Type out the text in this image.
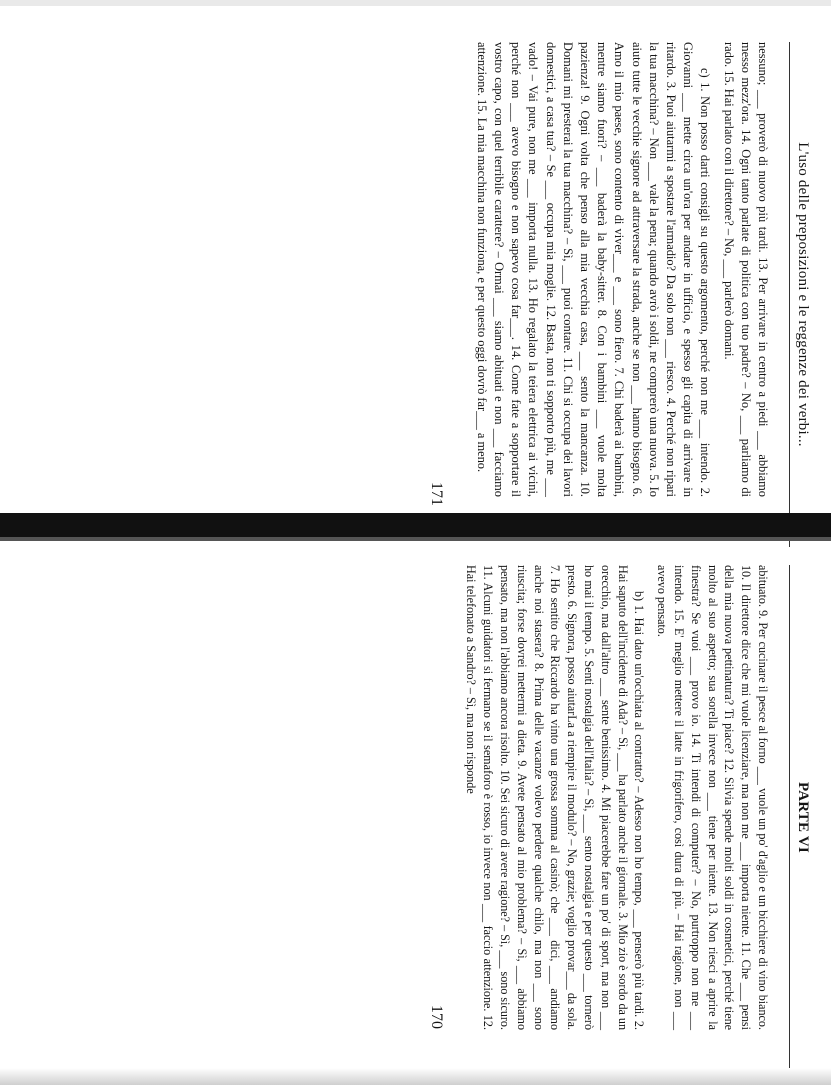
L'uso delle preposizioni e le reggenze dei verbi...

nessuno; ___ proverò di nuovo più tardi. 13. Per arrivare in centro a piedi ___ abbiamo messo mezz'ora. 14. Ogni tanto parlate di politica con tuo padre? – No, ___ parliamo di rado. 15. Hai parlato con il direttore? – No, ___ parlerò domani.

c) 1. Non posso darti consigli su questo argomento, perché non me ___ intendo. 2. Giovanni ___ mette circa un'ora per andare in ufficio, e spesso gli capita di arrivare in ritardo. 3. Puoi aiutarmi a spostare l'armadio? Da solo non ___ riesco. 4. Perché non ripari la tua macchina? – Non ___ vale la pena; quando avrò i soldi, ne comprerò una nuova. 5. Io aiuto tutte le vecchie signore ad attraversare la strada, anche se non ___ hanno bisogno. 6. Amo il mio paese, sono contento di viver___ e ___ sono fiero. 7. Chi baderà ai bambini, mentre siamo fuori? – ___ baderà la baby-sitter. 8. Con i bambini ___ vuole molta pazienza! 9. Ogni volta che penso alla mia vecchia casa, ___ sento la mancanza. 10. Domani mi presterai la tua macchina? – Sì, ___ puoi contare. 11. Chi si occupa dei lavori domestici, a casa tua? – Se ___ occupa mia moglie. 12. Basta, non ti sopporto più, me ___ vado! – Vai pure, non me ___ importa nulla. 13. Ho regalato la teiera elettrica ai vicini, perché non ___ avevo bisogno e non sapevo cosa far___. 14. Come fate a sopportare il vostro capo, con quel terribile carattere? – Ormai ___ siamo abituati e non ___ facciamo attenzione. 15. La mia macchina non funziona, e per questo oggi dovrò far___ a meno.

171
PARTE VI

abituato. 9. Per cucinare il pesce al forno ___ vuole un po' d'aglio e un bicchiere di vino bianco. 10. Il direttore dice che mi vuole licenziare, ma non me ___ importa niente. 11. Che ___ pensi della mia nuova pettinatura? Ti piace? 12. Silvia spende molti soldi in cosmetici, perché tiene molto al suo aspetto; sua sorella invece non ___ tiene per niente. 13. Non riesci a aprire la finestra? Se vuoi ___ provo io. 14. Ti intendi di computer? – No, purtroppo non me ___ intendo. 15. E' meglio mettere il latte in frigorifero, così dura di più. – Hai ragione, non ___ avevo pensato.

b) 1. Hai dato un'occhiata al contratto? – Adesso non ho tempo, ___ penserò più tardi. 2. Hai saputo dell'incidente di Ada? – Sì, ___ ha parlato anche il giornale. 3. Mio zio è sordo da un orecchio, ma dall'altro ___ sente benissimo. 4. Mi piacerebbe fare un po' di sport, ma non ___ ho mai il tempo. 5. Senti nostalgia dell'Italia? – Sì, ___ sento nostalgia e per questo ___ tornerò presto. 6. Signora, posso aiutarLa a riempire il modulo? – No, grazie; voglio provar___ da sola. 7. Ho sentito che Riccardo ha vinto una grossa somma al casinò; che ___ dici, ___ andiamo anche noi stasera? 8. Prima delle vacanze volevo perdere qualche chilo, ma non ___ sono riuscita; forse dovrei mettermi a dieta. 9. Avete pensato al mio problema? – Sì, ___ abbiamo pensato, ma non l'abbiamo ancora risolto. 10. Sei sicuro di avere ragione? – Sì, ___ sono sicuro. 11. Alcuni guidatori si fermano se il semaforo è rosso, io invece non ___ faccio attenzione. 12. Hai telefonato a Sandro? – Sì, ma non risponde

170
